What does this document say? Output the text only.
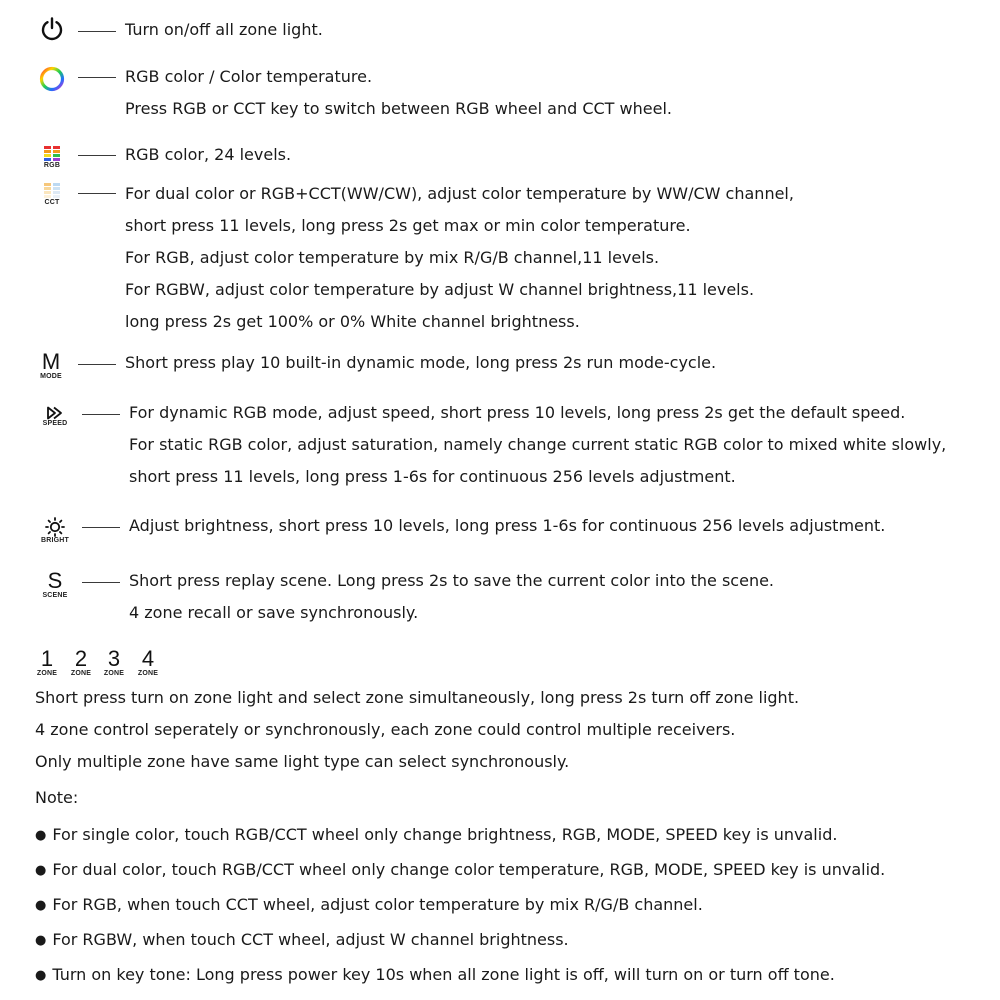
Turn on/off all zone light.
RGB color / Color temperature.
Press RGB or CCT key to switch between RGB wheel and CCT wheel.
RGB
RGB color, 24 levels.
CCT	For dual color or RGB+CCT(WW/CW), adjust color temperature by WW/CW channel,
short press 11 levels, long press 2s get max or min color temperature.
For RGB, adjust color temperature by mix R/G/B channel,11 levels.
For RGBW, adjust color temperature by adjust W channel brightness,11 levels.
long press 2s get 100% or 0% White channel brightness.
M
MODE
Short press play 10 built-in dynamic mode, long press 2s run mode-cycle.
SPEED
For dynamic RGB mode, adjust speed, short press 10 levels, long press 2s get the default speed.
For static RGB color, adjust saturation, namely change current static RGB color to mixed white slowly,
short press 11 levels, long press 1-6s for continuous 256 levels adjustment.
BRIGHT
Adjust brightness, short press 10 levels, long press 1-6s for continuous 256 levels adjustment.
S
SCENE
Short press replay scene. Long press 2s to save the current color into the scene.
4 zone recall or save synchronously.
1
ZONE
2
ZONE
3
ZONE
4
ZONE
Short press turn on zone light and select zone simultaneously, long press 2s turn off zone light.
4 zone control seperately or synchronously, each zone could control multiple receivers.
Only multiple zone have same light type can select synchronously.
Note:
● For single color, touch RGB/CCT wheel only change brightness, RGB, MODE, SPEED key is unvalid.
● For dual color, touch RGB/CCT wheel only change color temperature, RGB, MODE, SPEED key is unvalid.
● For RGB, when touch CCT wheel, adjust color temperature by mix R/G/B channel.
● For RGBW, when touch CCT wheel, adjust W channel brightness.
● Turn on key tone: Long press power key 10s when all zone light is off, will turn on or turn off tone.
